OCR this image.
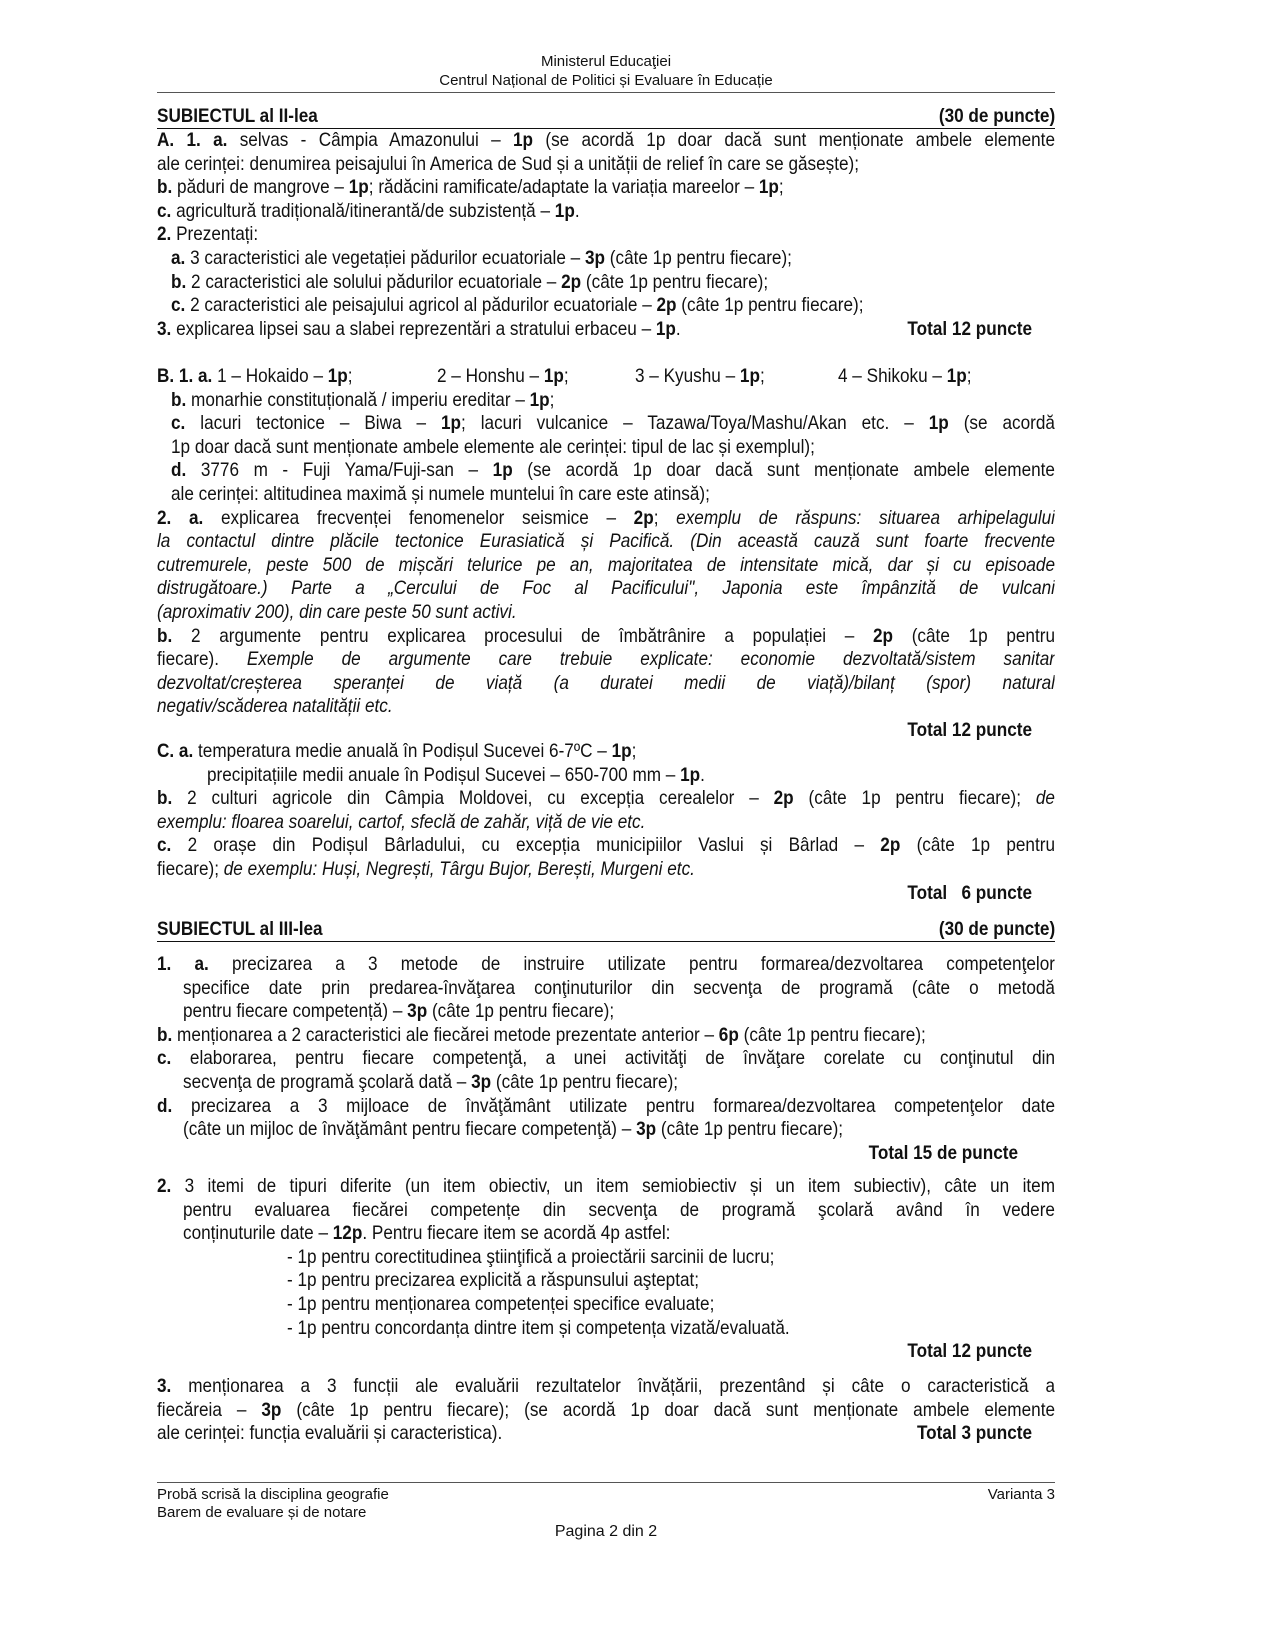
Ministerul Educaţiei
Centrul Național de Politici și Evaluare în Educație
SUBIECTUL al II-lea	(30 de puncte)
A. 1. a. selvas - Câmpia Amazonului – 1p (se acordă 1p doar dacă sunt menționate ambele elemente
ale cerinței: denumirea peisajului în America de Sud și a unității de relief în care se găsește);
b. păduri de mangrove – 1p; rădăcini ramificate/adaptate la variația mareelor – 1p;
c. agricultură tradițională/itinerantă/de subzistență – 1p.
2. Prezentați:
a. 3 caracteristici ale vegetației pădurilor ecuatoriale – 3p (câte 1p pentru fiecare);
b. 2 caracteristici ale solului pădurilor ecuatoriale – 2p (câte 1p pentru fiecare);
c. 2 caracteristici ale peisajului agricol al pădurilor ecuatoriale – 2p (câte 1p pentru fiecare);
3. explicarea lipsei sau a slabei reprezentări a stratului erbaceu – 1p.	Total 12 puncte
B. 1. a. 1 – Hokaido – 1p;	2 – Honshu – 1p;	3 – Kyushu – 1p;	4 – Shikoku – 1p;
b. monarhie constituțională / imperiu ereditar – 1p;
c. lacuri tectonice – Biwa – 1p; lacuri vulcanice – Tazawa/Toya/Mashu/Akan etc. – 1p (se acordă
1p doar dacă sunt menționate ambele elemente ale cerinței: tipul de lac și exemplul);
d. 3776 m - Fuji Yama/Fuji-san – 1p (se acordă 1p doar dacă sunt menționate ambele elemente
ale cerinței: altitudinea maximă și numele muntelui în care este atinsă);
2. a. explicarea frecvenței fenomenelor seismice – 2p; exemplu de răspuns: situarea arhipelagului
la contactul dintre plăcile tectonice Eurasiatică și Pacifică. (Din această cauză sunt foarte frecvente
cutremurele, peste 500 de mișcări telurice pe an, majoritatea de intensitate mică, dar și cu episoade
distrugătoare.) Parte a „Cercului de Foc al Pacificului", Japonia este împânzită de vulcani
(aproximativ 200), din care peste 50 sunt activi.
b. 2 argumente pentru explicarea procesului de îmbătrânire a populației – 2p (câte 1p pentru
fiecare). Exemple de argumente care trebuie explicate: economie dezvoltată/sistem sanitar
dezvoltat/creșterea speranței de viață (a duratei medii de viață)/bilanț (spor) natural
negativ/scăderea natalității etc.
Total 12 puncte
C. a. temperatura medie anuală în Podișul Sucevei 6-7ºC – 1p;
precipitațiile medii anuale în Podișul Sucevei – 650-700 mm – 1p.
b. 2 culturi agricole din Câmpia Moldovei, cu excepția cerealelor – 2p (câte 1p pentru fiecare); de
exemplu: floarea soarelui, cartof, sfeclă de zahăr, viță de vie etc.
c. 2 orașe din Podișul Bârladului, cu excepția municipiilor Vaslui și Bârlad – 2p (câte 1p pentru
fiecare); de exemplu: Huși, Negrești, Târgu Bujor, Berești, Murgeni etc.
Total   6 puncte
SUBIECTUL al III-lea	(30 de puncte)
1. a. precizarea a 3 metode de instruire utilizate pentru formarea/dezvoltarea competenţelor
specifice date prin predarea-învăţarea conţinuturilor din secvenţa de programă (câte o metodă
pentru fiecare competență) – 3p (câte 1p pentru fiecare);
b. menționarea a 2 caracteristici ale fiecărei metode prezentate anterior – 6p (câte 1p pentru fiecare);
c. elaborarea, pentru fiecare competenţă, a unei activităţi de învăţare corelate cu conţinutul din
secvenţa de programă şcolară dată – 3p (câte 1p pentru fiecare);
d. precizarea a 3 mijloace de învăţământ utilizate pentru formarea/dezvoltarea competenţelor date
(câte un mijloc de învăţământ pentru fiecare competenţă) – 3p (câte 1p pentru fiecare);
Total 15 de puncte
2. 3 itemi de tipuri diferite (un item obiectiv, un item semiobiectiv și un item subiectiv), câte un item
pentru evaluarea fiecărei competențe din secvenţa de programă şcolară având în vedere
conținuturile date – 12p. Pentru fiecare item se acordă 4p astfel:
- 1p pentru corectitudinea ştiinţifică a proiectării sarcinii de lucru;
- 1p pentru precizarea explicită a răspunsului aşteptat;
- 1p pentru menționarea competenței specifice evaluate;
- 1p pentru concordanța dintre item și competența vizată/evaluată.
Total 12 puncte
3. menționarea a 3 funcții ale evaluării rezultatelor învățării, prezentând și câte o caracteristică a
fiecăreia – 3p (câte 1p pentru fiecare); (se acordă 1p doar dacă sunt menționate ambele elemente
ale cerinței: funcția evaluării și caracteristica).	Total 3 puncte
Probă scrisă la disciplina geografie
Barem de evaluare și de notare
Varianta 3
Pagina 2 din 2
